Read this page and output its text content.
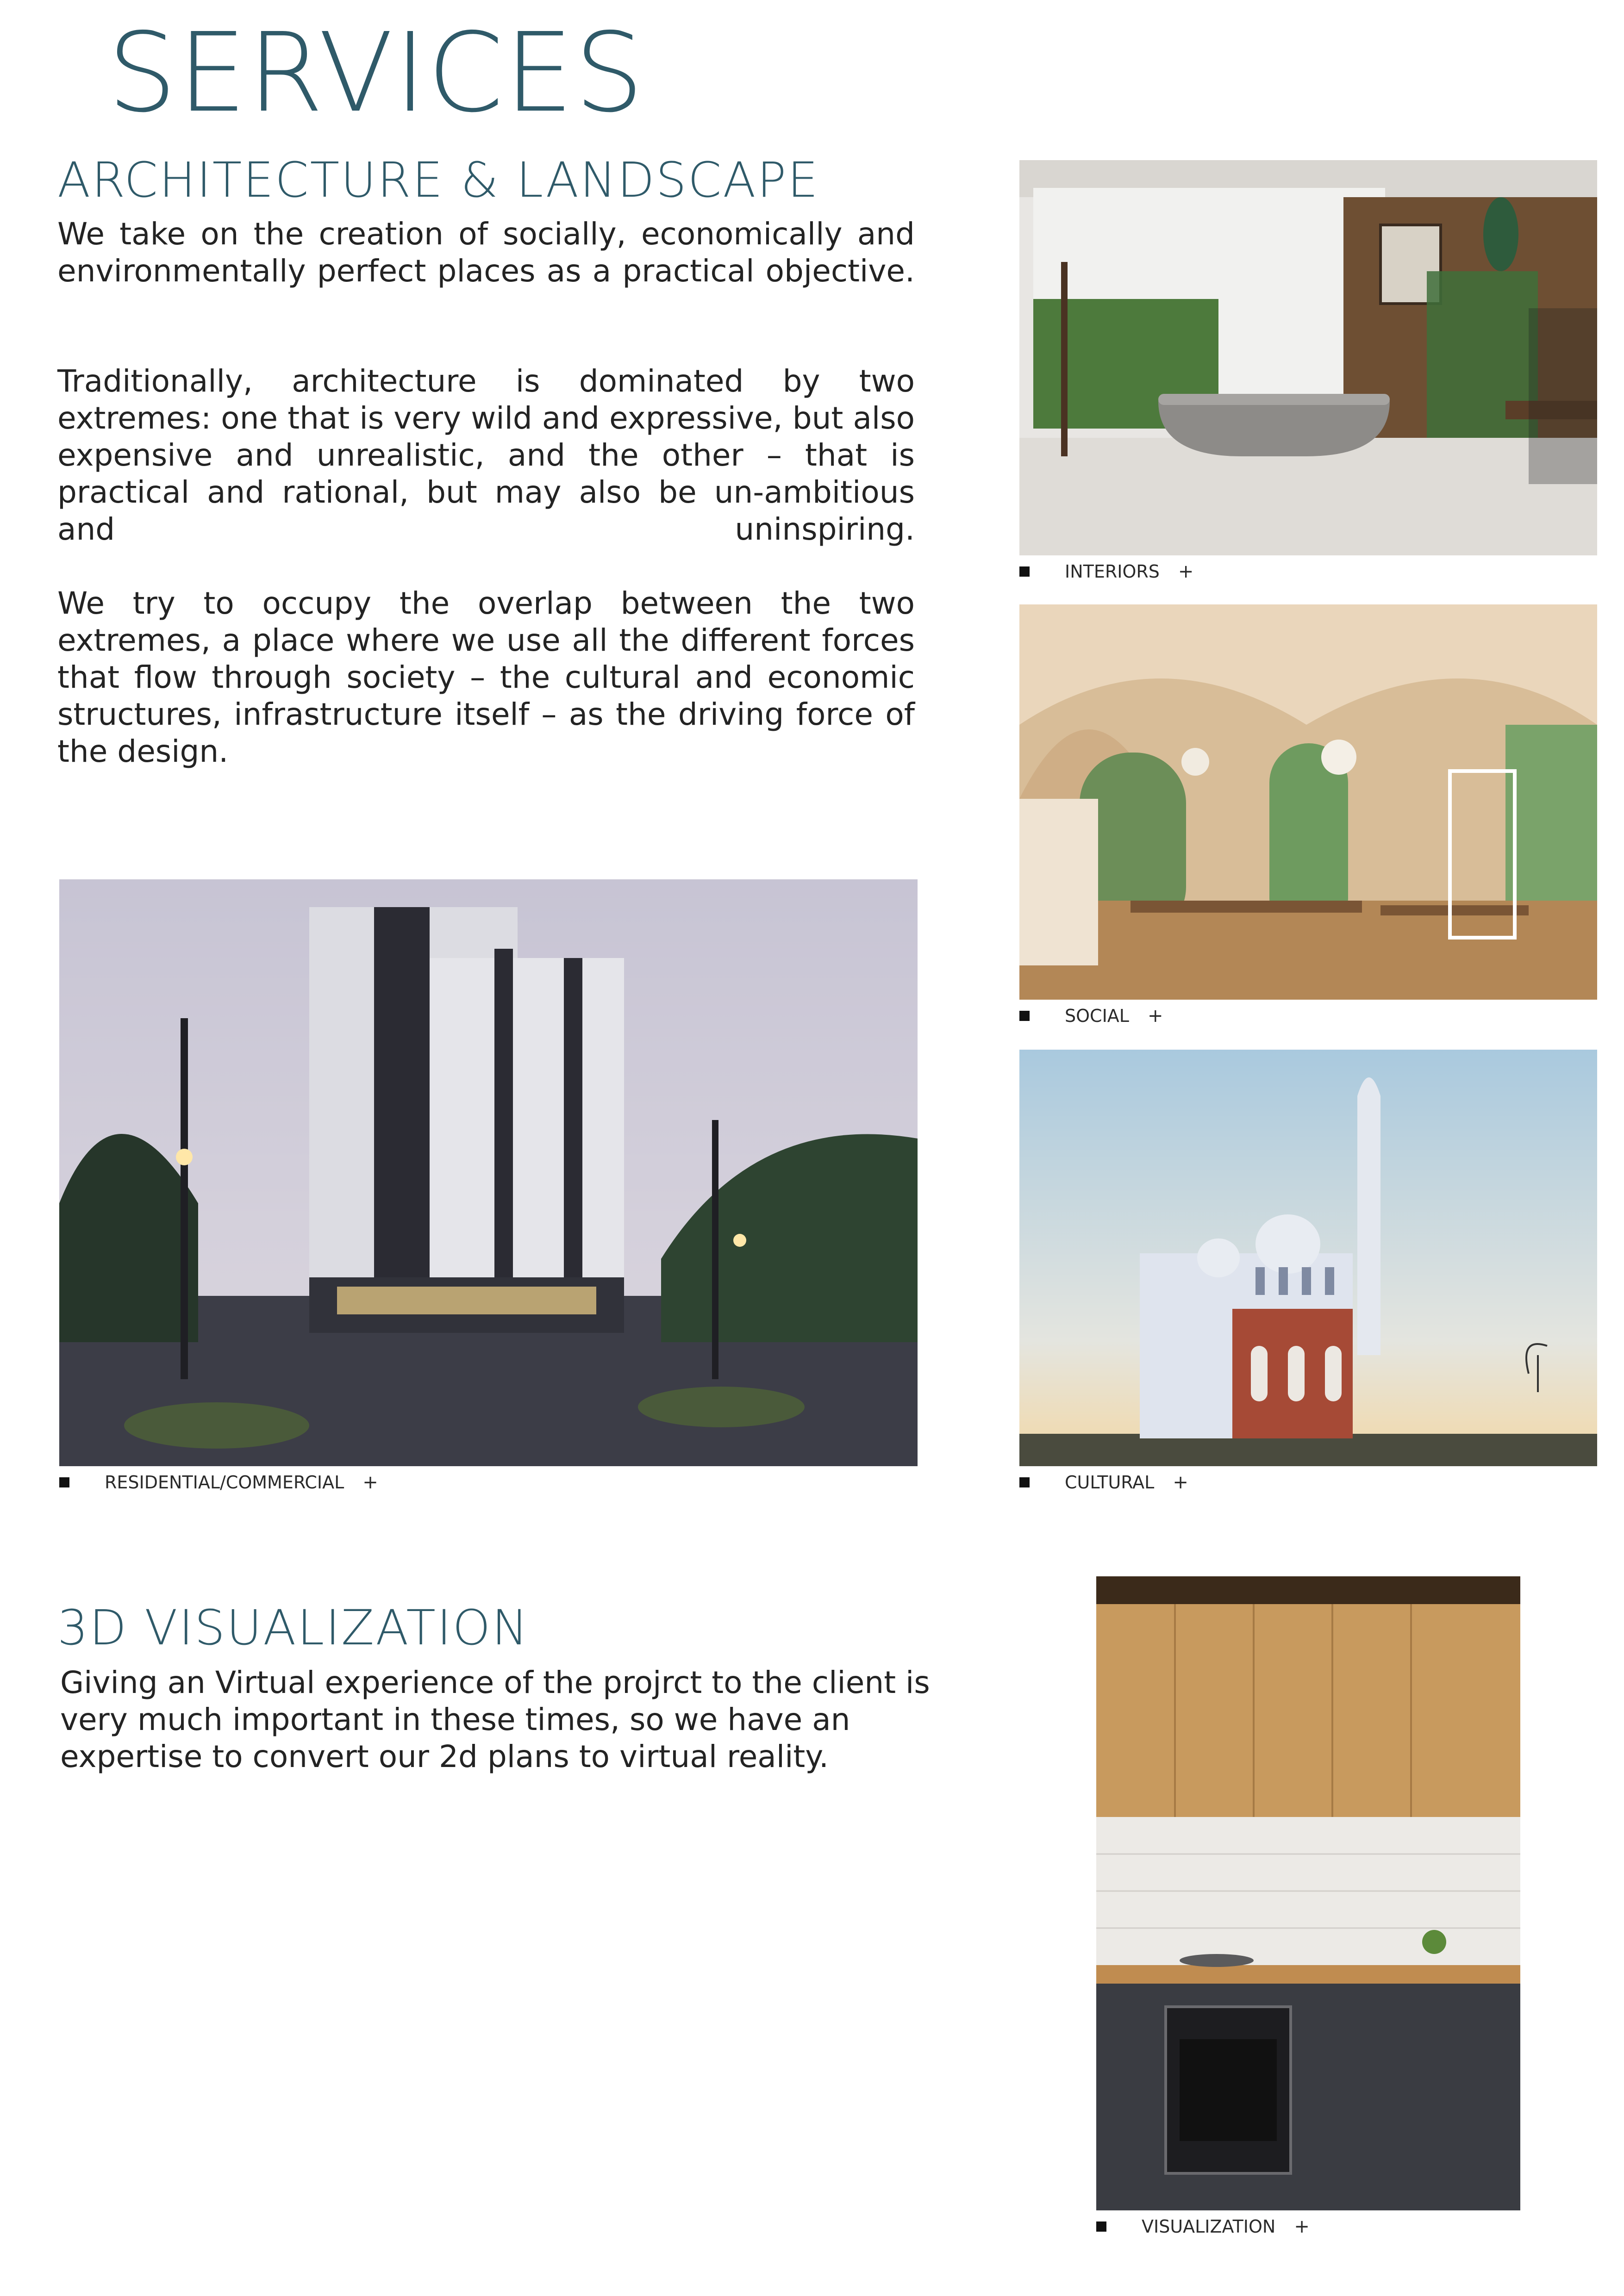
SERVICES
ARCHITECTURE & LANDSCAPE
We take on the creation of socially, economically and environmentally perfect places as a practical objective.
Traditionally, architecture is dominated by two extremes: one that is very wild and expressive, but also expensive and unrealistic, and the other – that is practical and rational, but may also be un-ambitious and uninspiring.
We try to occupy the overlap between the two extremes, a place where we use all the different forces that flow through society – the cultural and economic structures, infrastructure itself – as the driving force of the design.
INTERIORS +
SOCIAL +
RESIDENTIAL/COMMERCIAL +	CULTURAL +
3D VISUALIZATION
Giving an Virtual experience of the projrct to the client is very much important in these times, so we have an expertise to convert our 2d plans to virtual reality.
VISUALIZATION +
